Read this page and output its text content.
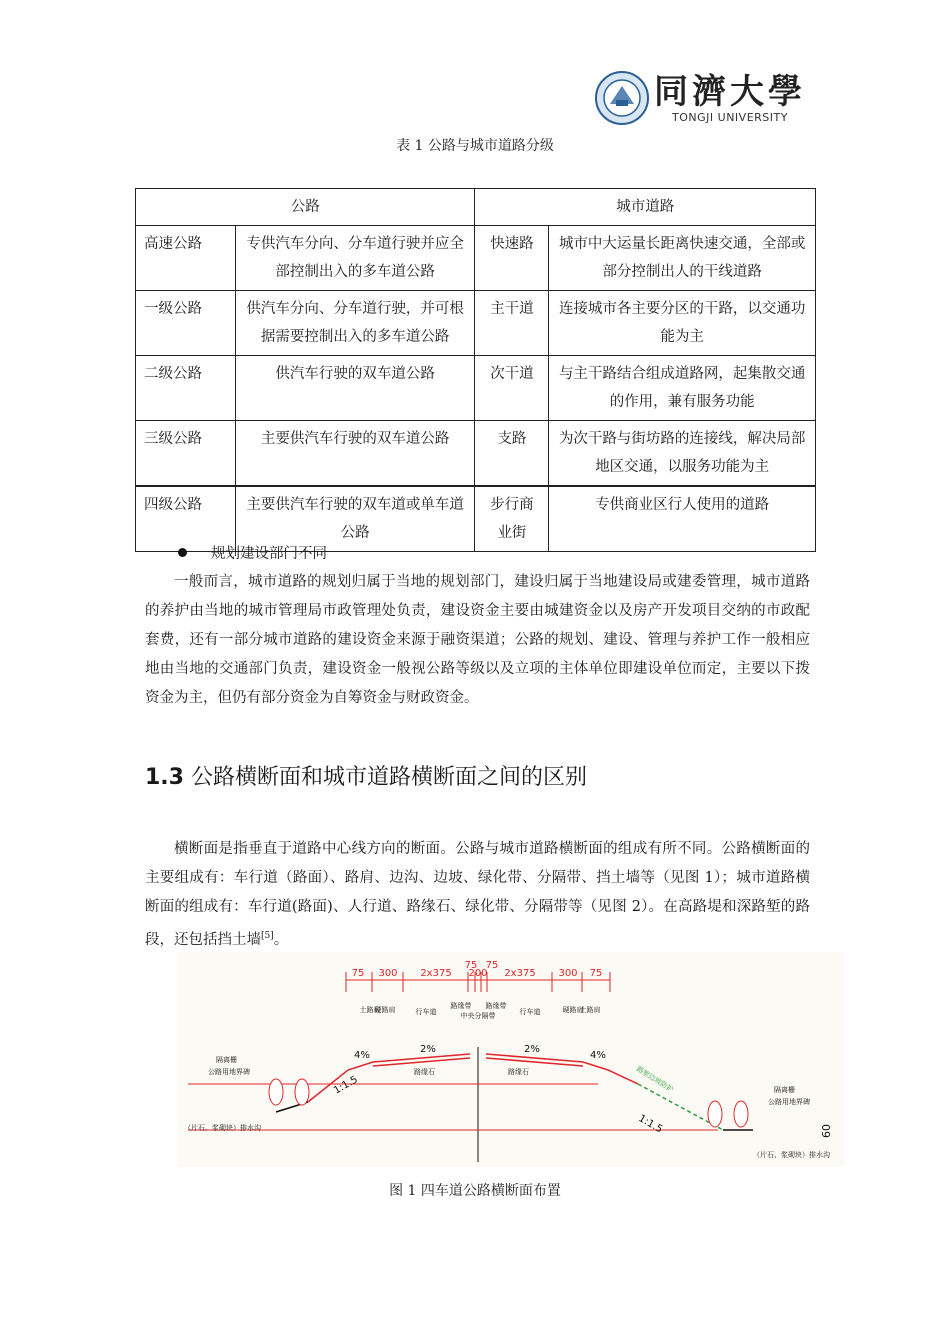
同濟大學
TONGJI UNIVERSITY
表 1 公路与城市道路分级
公路		城市道路	
高速公路	专供汽车分向、分车道行驶并应全部控制出入的多车道公路	快速路	城市中大运量长距离快速交通，全部或部分控制出人的干线道路
一级公路	供汽车分向、分车道行驶，并可根据需要控制出入的多车道公路	主干道	连接城市各主要分区的干路，以交通功能为主
二级公路	供汽车行驶的双车道公路	次干道	与主干路结合组成道路网，起集散交通的作用，兼有服务功能
三级公路	主要供汽车行驶的双车道公路	支路	为次干路与街坊路的连接线，解决局部地区交通，以服务功能为主
四级公路	主要供汽车行驶的双车道或单车道公路	步行商业街	专供商业区行人使用的道路
规划建设部门不同
一般而言，城市道路的规划归属于当地的规划部门，建设归属于当地建设局或建委管理，城市道路的养护由当地的城市管理局市政管理处负责，建设资金主要由城建资金以及房产开发项目交纳的市政配套费，还有一部分城市道路的建设资金来源于融资渠道；公路的规划、建设、管理与养护工作一般相应地由当地的交通部门负责，建设资金一般视公路等级以及立项的主体单位即建设单位而定，主要以下拨资金为主，但仍有部分资金为自筹资金与财政资金。
1.3 公路横断面和城市道路横断面之间的区别
横断面是指垂直于道路中心线方向的断面。公路与城市道路横断面的组成有所不同。公路横断面的主要组成有：车行道（路面）、路肩、边沟、边坡、绿化带、分隔带、挡土墙等（见图 1）；城市道路横断面的组成有：车行道(路面)、人行道、路缘石、绿化带、分隔带等（见图 2）。在高路堤和深路堑的路段，还包括挡土墙[5]。
75 300 2x375
75
200
75
2x375 300 75
土路肩
硬路肩	行车道
路缘带
中央分隔带
路缘带
行车道	硬路肩
土路肩
4%
2%	2%
4%
1:1.5
1:1.5
隔离栅
公路用地界碑
（片石、浆砌块）排水沟
路缘石	路缘石
隔离栅
公路用地界碑
（片石、浆砌块）排水沟
路堑边坡防护
60
图 1 四车道公路横断面布置
